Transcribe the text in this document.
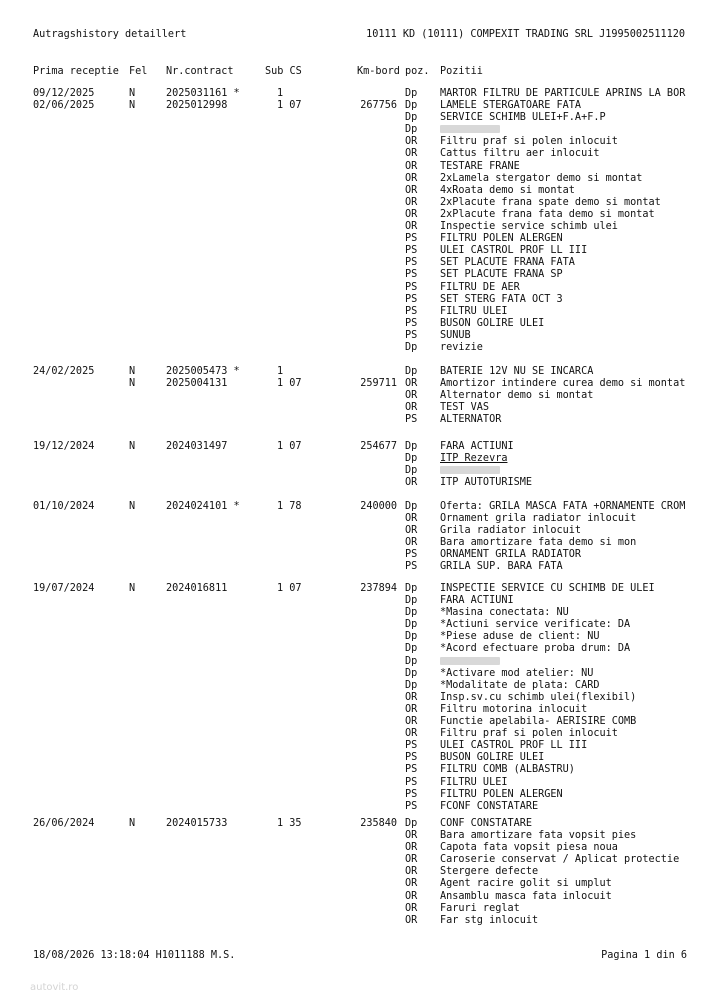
Autragshistory detaillert	10111 KD (10111) COMPEXIT TRADING SRL J1995002511120
Prima receptie Fel Nr.contract	Sub CS	Km-bord poz. Pozitii
09/12/2025	N	2025031161 *	1	Dp MARTOR FILTRU DE PARTICULE APRINS LA BOR
02/06/2025	N	2025012998	1 07	267756 Dp LAMELE STERGATOARE FATA
Dp SERVICE SCHIMB ULEI+F.A+F.P
Dp
OR Filtru praf si polen inlocuit
OR Cattus filtru aer inlocuit
OR TESTARE FRANE
OR 2xLamela stergator demo si montat
OR 4xRoata demo si montat
OR 2xPlacute frana spate demo si montat
OR 2xPlacute frana fata demo si montat
OR Inspectie service schimb ulei
PS FILTRU POLEN ALERGEN
PS ULEI CASTROL PROF LL III
PS SET PLACUTE FRANA FATA
PS SET PLACUTE FRANA SP
PS FILTRU DE AER
PS SET STERG FATA OCT 3
PS FILTRU ULEI
PS BUSON GOLIRE ULEI
PS SUNUB
Dp revizie
24/02/2025	N	2025005473 *	1	Dp BATERIE 12V NU SE INCARCA
N	2025004131	1 07	259711 OR Amortizor intindere curea demo si montat
OR Alternator demo si montat
OR TEST VAS
PS ALTERNATOR
19/12/2024	N	2024031497	1 07	254677 Dp FARA ACTIUNI
Dp ITP Rezevra
Dp
OR ITP AUTOTURISME
01/10/2024	N	2024024101 *	1 78	240000 Dp Oferta: GRILA MASCA FATA +ORNAMENTE CROM
OR Ornament grila radiator inlocuit
OR Grila radiator inlocuit
OR Bara amortizare fata demo si mon
PS ORNAMENT GRILA RADIATOR
PS GRILA SUP. BARA FATA
19/07/2024	N	2024016811	1 07	237894 Dp INSPECTIE SERVICE CU SCHIMB DE ULEI
Dp FARA ACTIUNI
Dp *Masina conectata: NU
Dp *Actiuni service verificate: DA
Dp *Piese aduse de client: NU
Dp *Acord efectuare proba drum: DA
Dp
Dp *Activare mod atelier: NU
Dp *Modalitate de plata: CARD
OR Insp.sv.cu schimb ulei(flexibil)
OR Filtru motorina inlocuit
OR Functie apelabila- AERISIRE COMB
OR Filtru praf si polen inlocuit
PS ULEI CASTROL PROF LL III
PS BUSON GOLIRE ULEI
PS FILTRU COMB (ALBASTRU)
PS FILTRU ULEI
PS FILTRU POLEN ALERGEN
PS FCONF CONSTATARE
26/06/2024	N	2024015733	1 35	235840 Dp CONF CONSTATARE
OR Bara amortizare fata vopsit pies
OR Capota fata vopsit piesa noua
OR Caroserie conservat / Aplicat protectie
OR Stergere defecte
OR Agent racire golit si umplut
OR Ansamblu masca fata inlocuit
OR Faruri reglat
OR Far stg inlocuit
18/08/2026 13:18:04 H1011188 M.S.	Pagina 1 din 6
autovit.ro
